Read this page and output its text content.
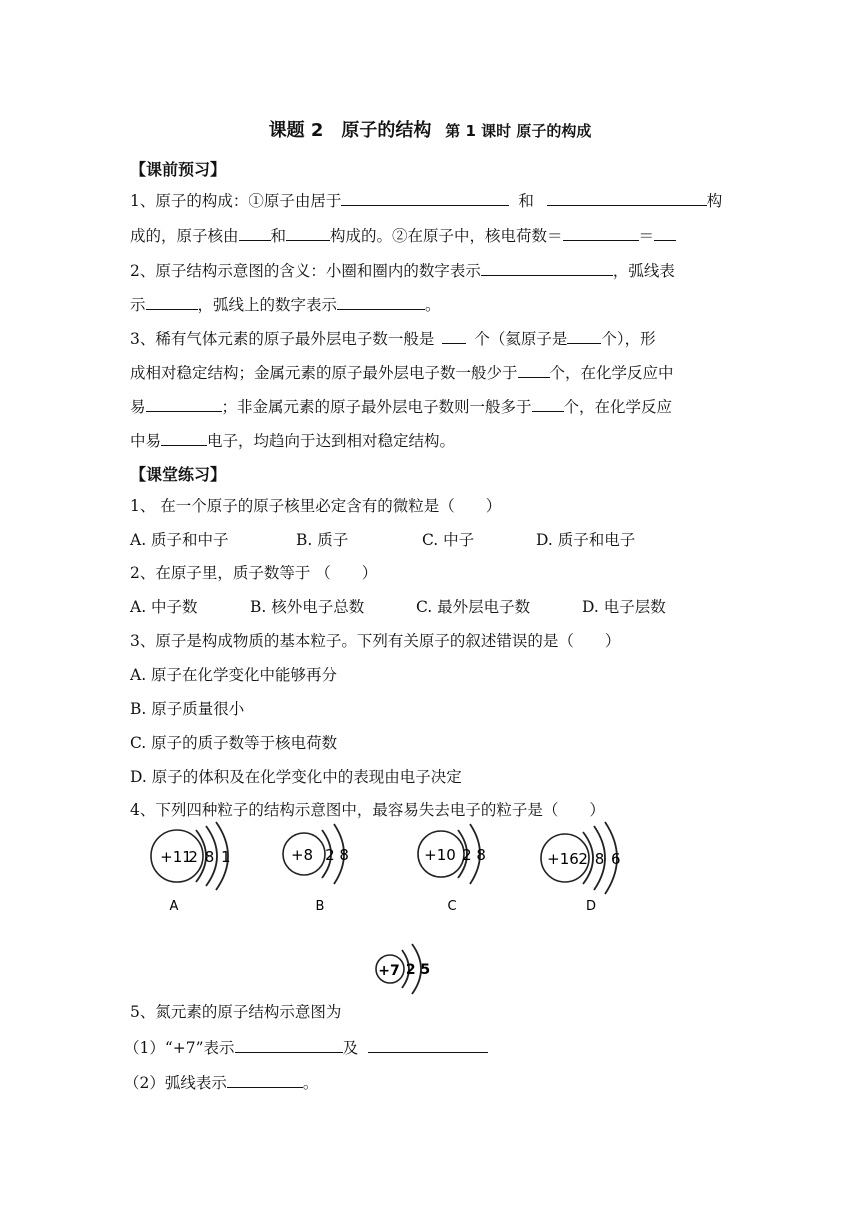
课题 2　原子的结构 第 1 课时 原子的构成
【课前预习】
1、原子的构成：①原子由居于	和	构
成的，原子核由 和	构成的。②在原子中，核电荷数＝	＝
2、原子结构示意图的含义：小圈和圈内的数字表示	，弧线表
示	，弧线上的数字表示	。
3、稀有气体元素的原子最外层电子数一般是	个（氦原子是 个），形
成相对稳定结构；金属元素的原子最外层电子数一般少于 个，在化学反应中
易	；非金属元素的原子最外层电子数则一般多于 个，在化学反应
中易	电子，均趋向于达到相对稳定结构。
【课堂练习】
1、 在一个原子的原子核里必定含有的微粒是（　　）
A. 质子和中子	B. 质子	C. 中子	D. 质子和电子
2、在原子里，质子数等于 （　　）
A. 中子数	B. 核外电子总数	C. 最外层电子数	D. 电子层数
3、原子是构成物质的基本粒子。下列有关原子的叙述错误的是（　　）
A. 原子在化学变化中能够再分
B. 原子质量很小
C. 原子的质子数等于核电荷数
D. 原子的体积及在化学变化中的表现由电子决定
4、下列四种粒子的结构示意图中，最容易失去电子的粒子是（　　）
+11
2 8 1
A
+8 2 8
B
+10 2 8
C
+16 2 8 6
D
+7 2 5
5、氮元素的原子结构示意图为
（1）“+7”表示	及
（2）弧线表示	。
